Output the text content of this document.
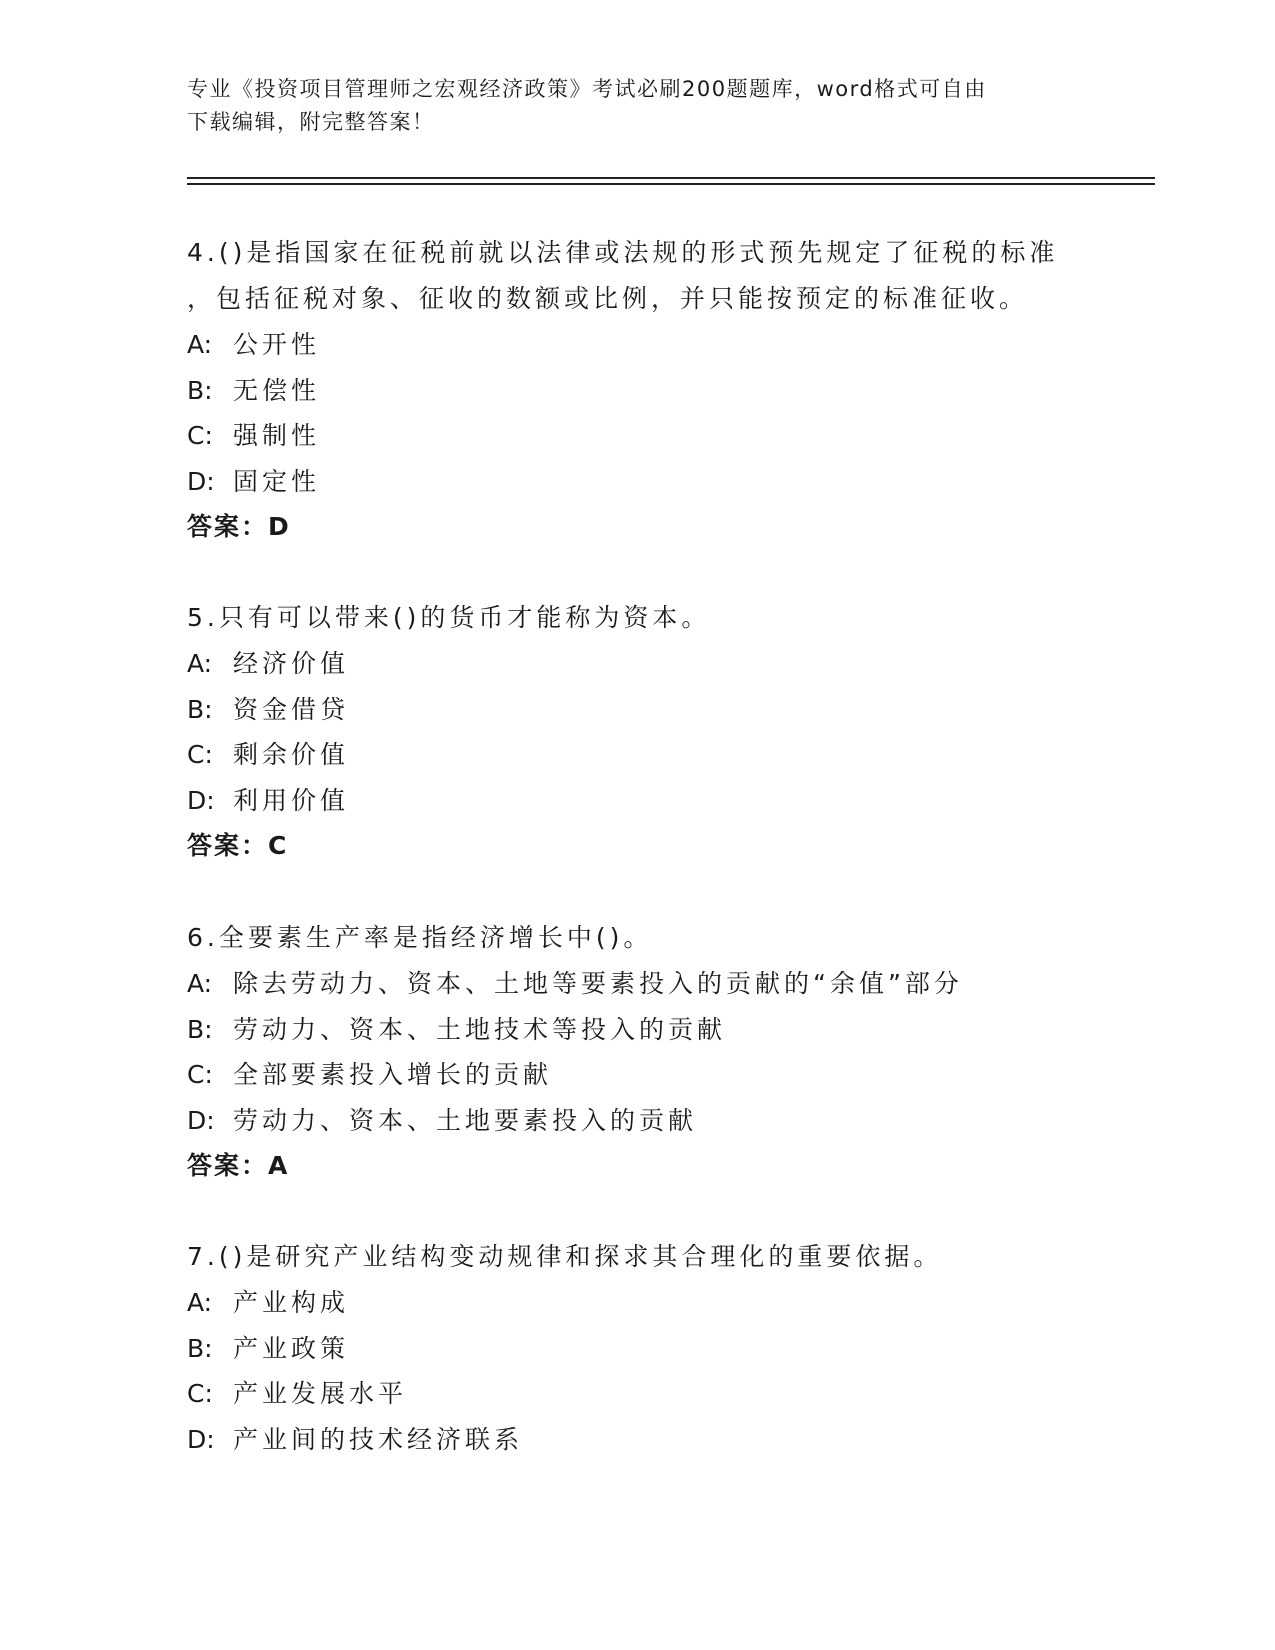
专业《投资项目管理师之宏观经济政策》考试必刷200题题库，word格式可自由
下载编辑，附完整答案！
4.()是指国家在征税前就以法律或法规的形式预先规定了征税的标准
，包括征税对象、征收的数额或比例，并只能按预定的标准征收。
A: 公开性
B: 无偿性
C: 强制性
D: 固定性
答案：D
5.只有可以带来()的货币才能称为资本。
A: 经济价值
B: 资金借贷
C: 剩余价值
D: 利用价值
答案：C
6.全要素生产率是指经济增长中()。
A: 除去劳动力、资本、土地等要素投入的贡献的“余值”部分
B: 劳动力、资本、土地技术等投入的贡献
C: 全部要素投入增长的贡献
D: 劳动力、资本、土地要素投入的贡献
答案：A
7.()是研究产业结构变动规律和探求其合理化的重要依据。
A: 产业构成
B: 产业政策
C: 产业发展水平
D: 产业间的技术经济联系
